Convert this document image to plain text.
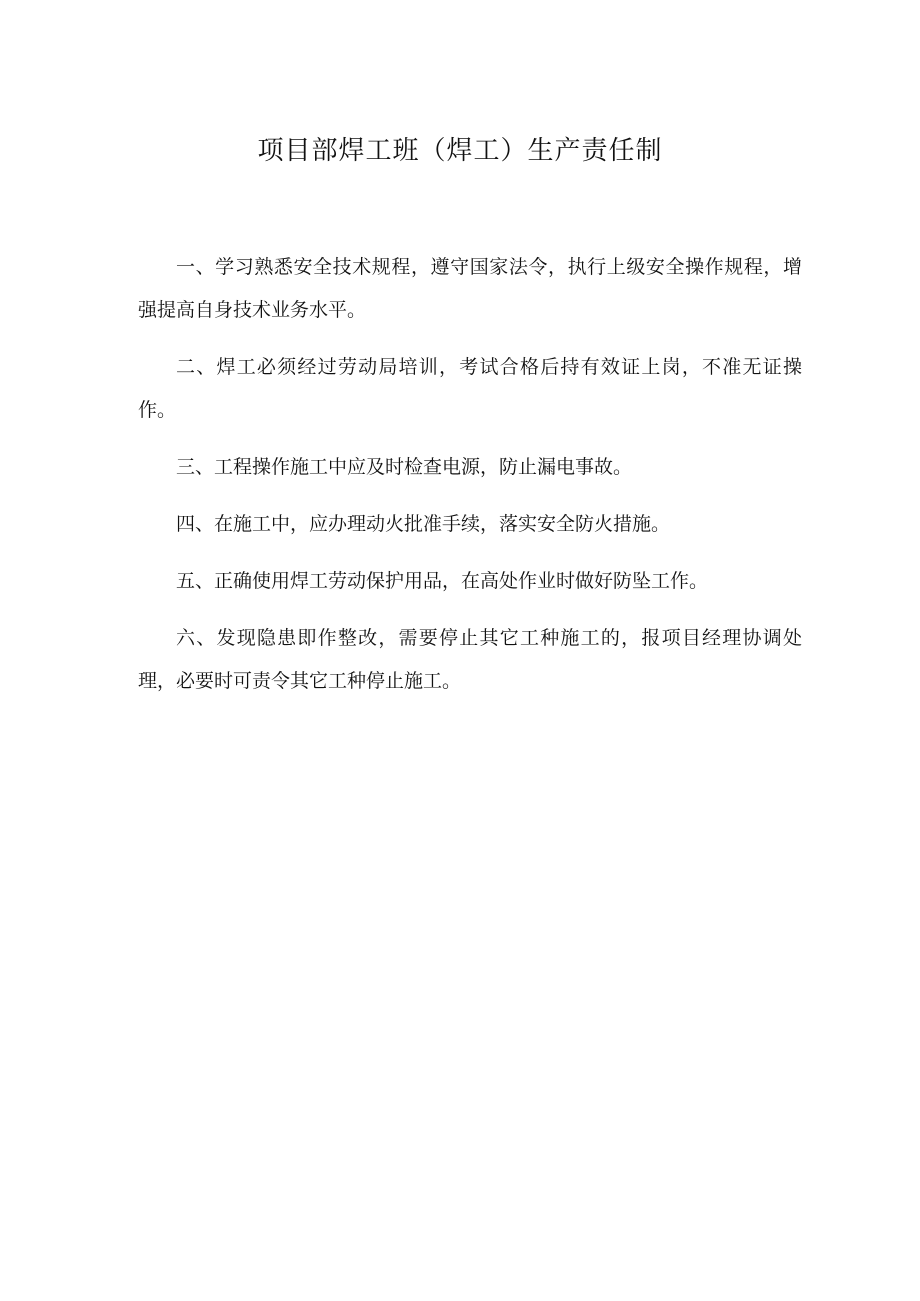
项目部焊工班（焊工）生产责任制

一、学习熟悉安全技术规程，遵守国家法令，执行上级安全操作规程，增强提高自身技术业务水平。

二、焊工必须经过劳动局培训，考试合格后持有效证上岗，不准无证操作。

三、工程操作施工中应及时检查电源，防止漏电事故。

四、在施工中，应办理动火批准手续，落实安全防火措施。

五、正确使用焊工劳动保护用品，在高处作业时做好防坠工作。

六、发现隐患即作整改，需要停止其它工种施工的，报项目经理协调处理，必要时可责令其它工种停止施工。
